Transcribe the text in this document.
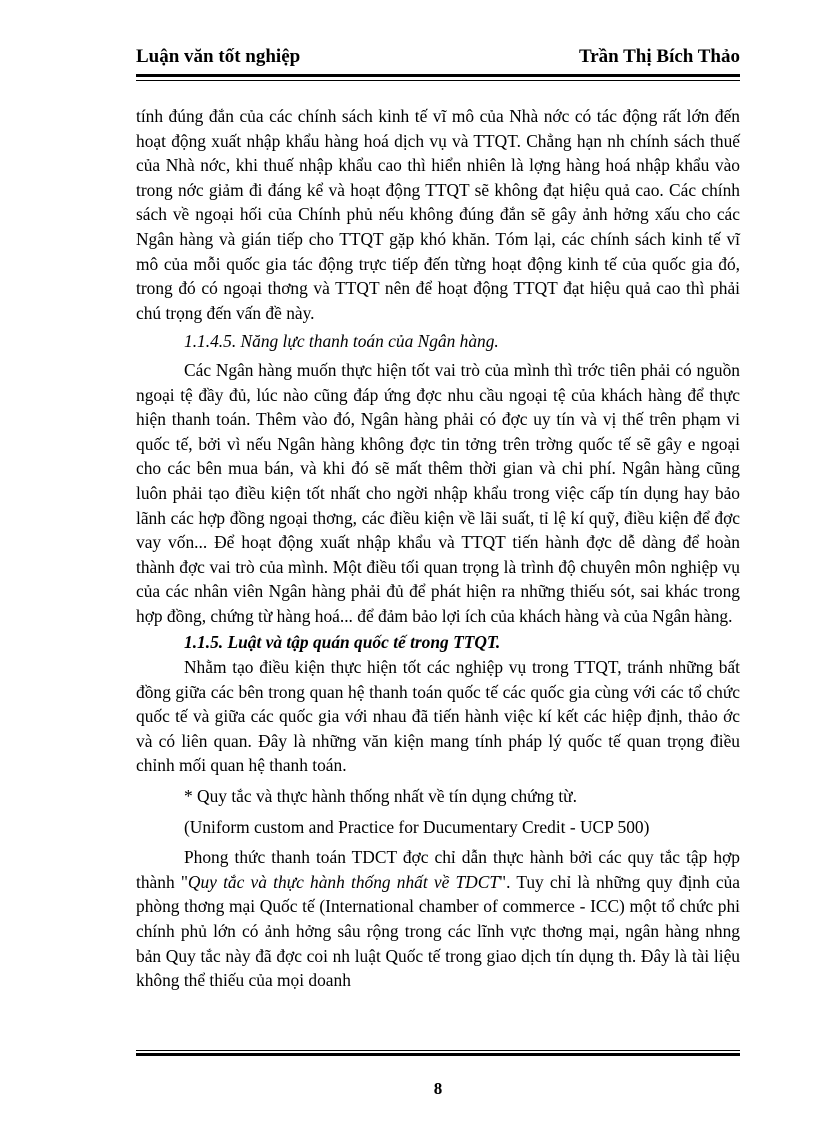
Luận văn tốt nghiệp	Trần Thị Bích Thảo

tính đúng đắn của các chính sách kinh tế vĩ mô của Nhà nớc có tác động rất lớn đến hoạt động xuất nhập khẩu hàng hoá dịch vụ và TTQT. Chẳng hạn nh chính sách thuế của Nhà nớc, khi thuế nhập khẩu cao thì hiển nhiên là lợng hàng hoá nhập khẩu vào trong nớc giảm đi đáng kể và hoạt động TTQT sẽ không đạt hiệu quả cao. Các chính sách về ngoại hối của Chính phủ nếu không đúng đắn sẽ gây ảnh hởng xấu cho các Ngân hàng và gián tiếp cho TTQT gặp khó khăn. Tóm lại, các chính sách kinh tế vĩ mô của mỗi quốc gia tác động trực tiếp đến từng hoạt động kinh tế của quốc gia đó, trong đó có ngoại thơng và TTQT nên để hoạt động TTQT đạt hiệu quả cao thì phải chú trọng đến vấn đề này.

1.1.4.5. Năng lực thanh toán của Ngân hàng.

Các Ngân hàng muốn thực hiện tốt vai trò của mình thì trớc tiên phải có nguồn ngoại tệ đầy đủ, lúc nào cũng đáp ứng đợc nhu cầu ngoại tệ của khách hàng để thực hiện thanh toán. Thêm vào đó, Ngân hàng phải có đợc uy tín và vị thế trên phạm vi quốc tế, bởi vì nếu Ngân hàng không đợc tin tởng trên trờng quốc tế sẽ gây e ngoại cho các bên mua bán, và khi đó sẽ mất thêm thời gian và chi phí. Ngân hàng cũng luôn phải tạo điều kiện tốt nhất cho ngời nhập khẩu trong việc cấp tín dụng hay bảo lãnh các hợp đồng ngoại thơng, các điều kiện về lãi suất, tỉ lệ kí quỹ, điều kiện để đợc vay vốn... Để hoạt động xuất nhập khẩu và TTQT tiến hành đợc dễ dàng để hoàn thành đợc vai trò của mình. Một điều tối quan trọng là trình độ chuyên môn nghiệp vụ của các nhân viên Ngân hàng phải đủ để phát hiện ra những thiếu sót, sai khác trong hợp đồng, chứng từ hàng hoá... để đảm bảo lợi ích của khách hàng và của Ngân hàng.

1.1.5. Luật và tập quán quốc tế trong TTQT.

Nhằm tạo điều kiện thực hiện tốt các nghiệp vụ trong TTQT, tránh những bất đồng giữa các bên trong quan hệ thanh toán quốc tế các quốc gia cùng với các tổ chức quốc tế và giữa các quốc gia với nhau đã tiến hành việc kí kết các hiệp định, thảo ớc và có liên quan. Đây là những văn kiện mang tính pháp lý quốc tế quan trọng điều chỉnh mối quan hệ thanh toán.

* Quy tắc và thực hành thống nhất về tín dụng chứng từ.

(Uniform custom and Practice for Ducumentary Credit - UCP 500)

Phong thức thanh toán TDCT đợc chỉ dẫn thực hành bởi các quy tắc tập hợp thành "Quy tắc và thực hành thống nhất về TDCT". Tuy chỉ là những quy định của phòng thơng mại Quốc tế (International chamber of commerce - ICC) một tổ chức phi chính phủ lớn có ảnh hởng sâu rộng trong các lĩnh vực thơng mại, ngân hàng nhng bản Quy tắc này đã đợc coi nh luật Quốc tế trong giao dịch tín dụng th. Đây là tài liệu không thể thiếu của mọi doanh

8
